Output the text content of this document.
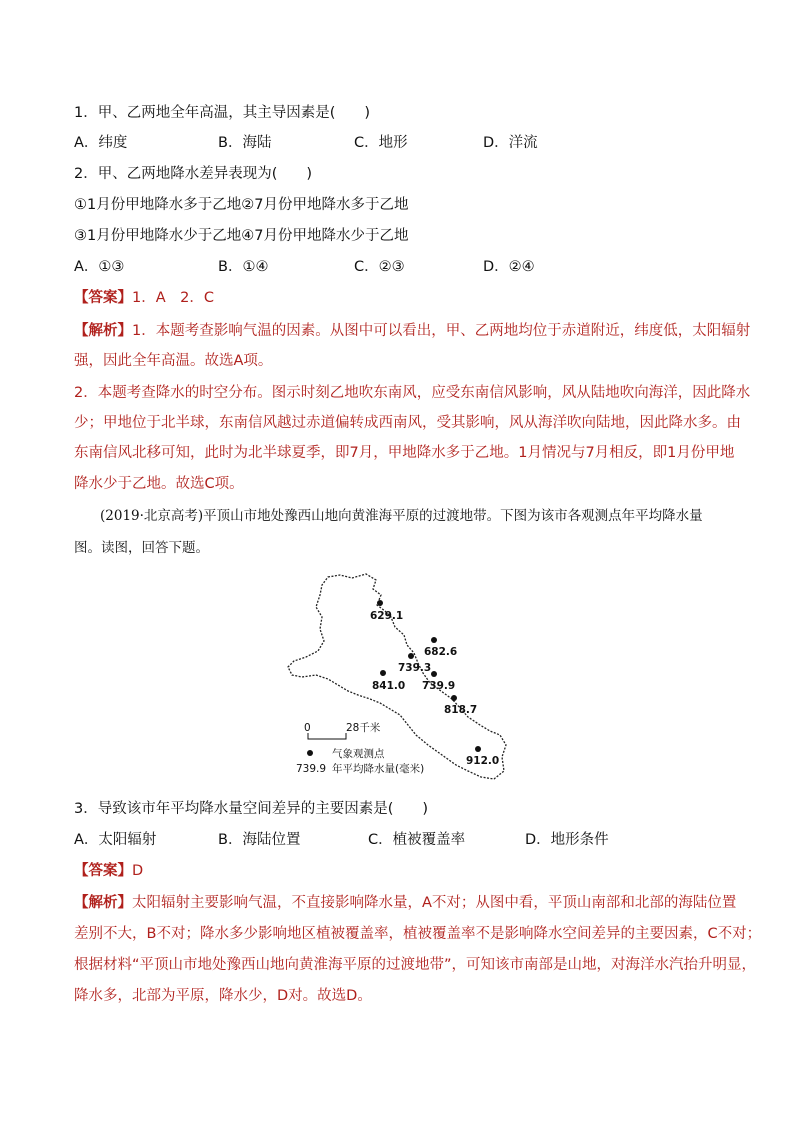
1．甲、乙两地全年高温，其主导因素是(　　)
A．纬度	B．海陆	C．地形	D．洋流
2．甲、乙两地降水差异表现为(　　)
①1月份甲地降水多于乙地②7月份甲地降水多于乙地
③1月份甲地降水少于乙地④7月份甲地降水少于乙地
A．①③	B．①④	C．②③	D．②④
【答案】1．A　2．C
【解析】1．本题考查影响气温的因素。从图中可以看出，甲、乙两地均位于赤道附近，纬度低，太阳辐射
强，因此全年高温。故选A项。
2．本题考查降水的时空分布。图示时刻乙地吹东南风，应受东南信风影响，风从陆地吹向海洋，因此降水
少；甲地位于北半球，东南信风越过赤道偏转成西南风，受其影响，风从海洋吹向陆地，因此降水多。由
东南信风北移可知，此时为北半球夏季，即7月，甲地降水多于乙地。1月情况与7月相反，即1月份甲地
降水少于乙地。故选C项。
(2019·北京高考)平顶山市地处豫西山地向黄淮海平原的过渡地带。下图为该市各观测点年平均降水量
图。读图，回答下题。
629.1
682.6
739.3
739.9
841.0
818.7
912.0
0	28千米
气象观测点
739.9 年平均降水量(毫米)
3．导致该市年平均降水量空间差异的主要因素是(　　)
A．太阳辐射	B．海陆位置	C．植被覆盖率	D．地形条件
【答案】D
【解析】太阳辐射主要影响气温，不直接影响降水量，A不对；从图中看，平顶山南部和北部的海陆位置
差别不大，B不对；降水多少影响地区植被覆盖率，植被覆盖率不是影响降水空间差异的主要因素，C不对；
根据材料“平顶山市地处豫西山地向黄淮海平原的过渡地带”，可知该市南部是山地，对海洋水汽抬升明显，
降水多，北部为平原，降水少，D对。故选D。
